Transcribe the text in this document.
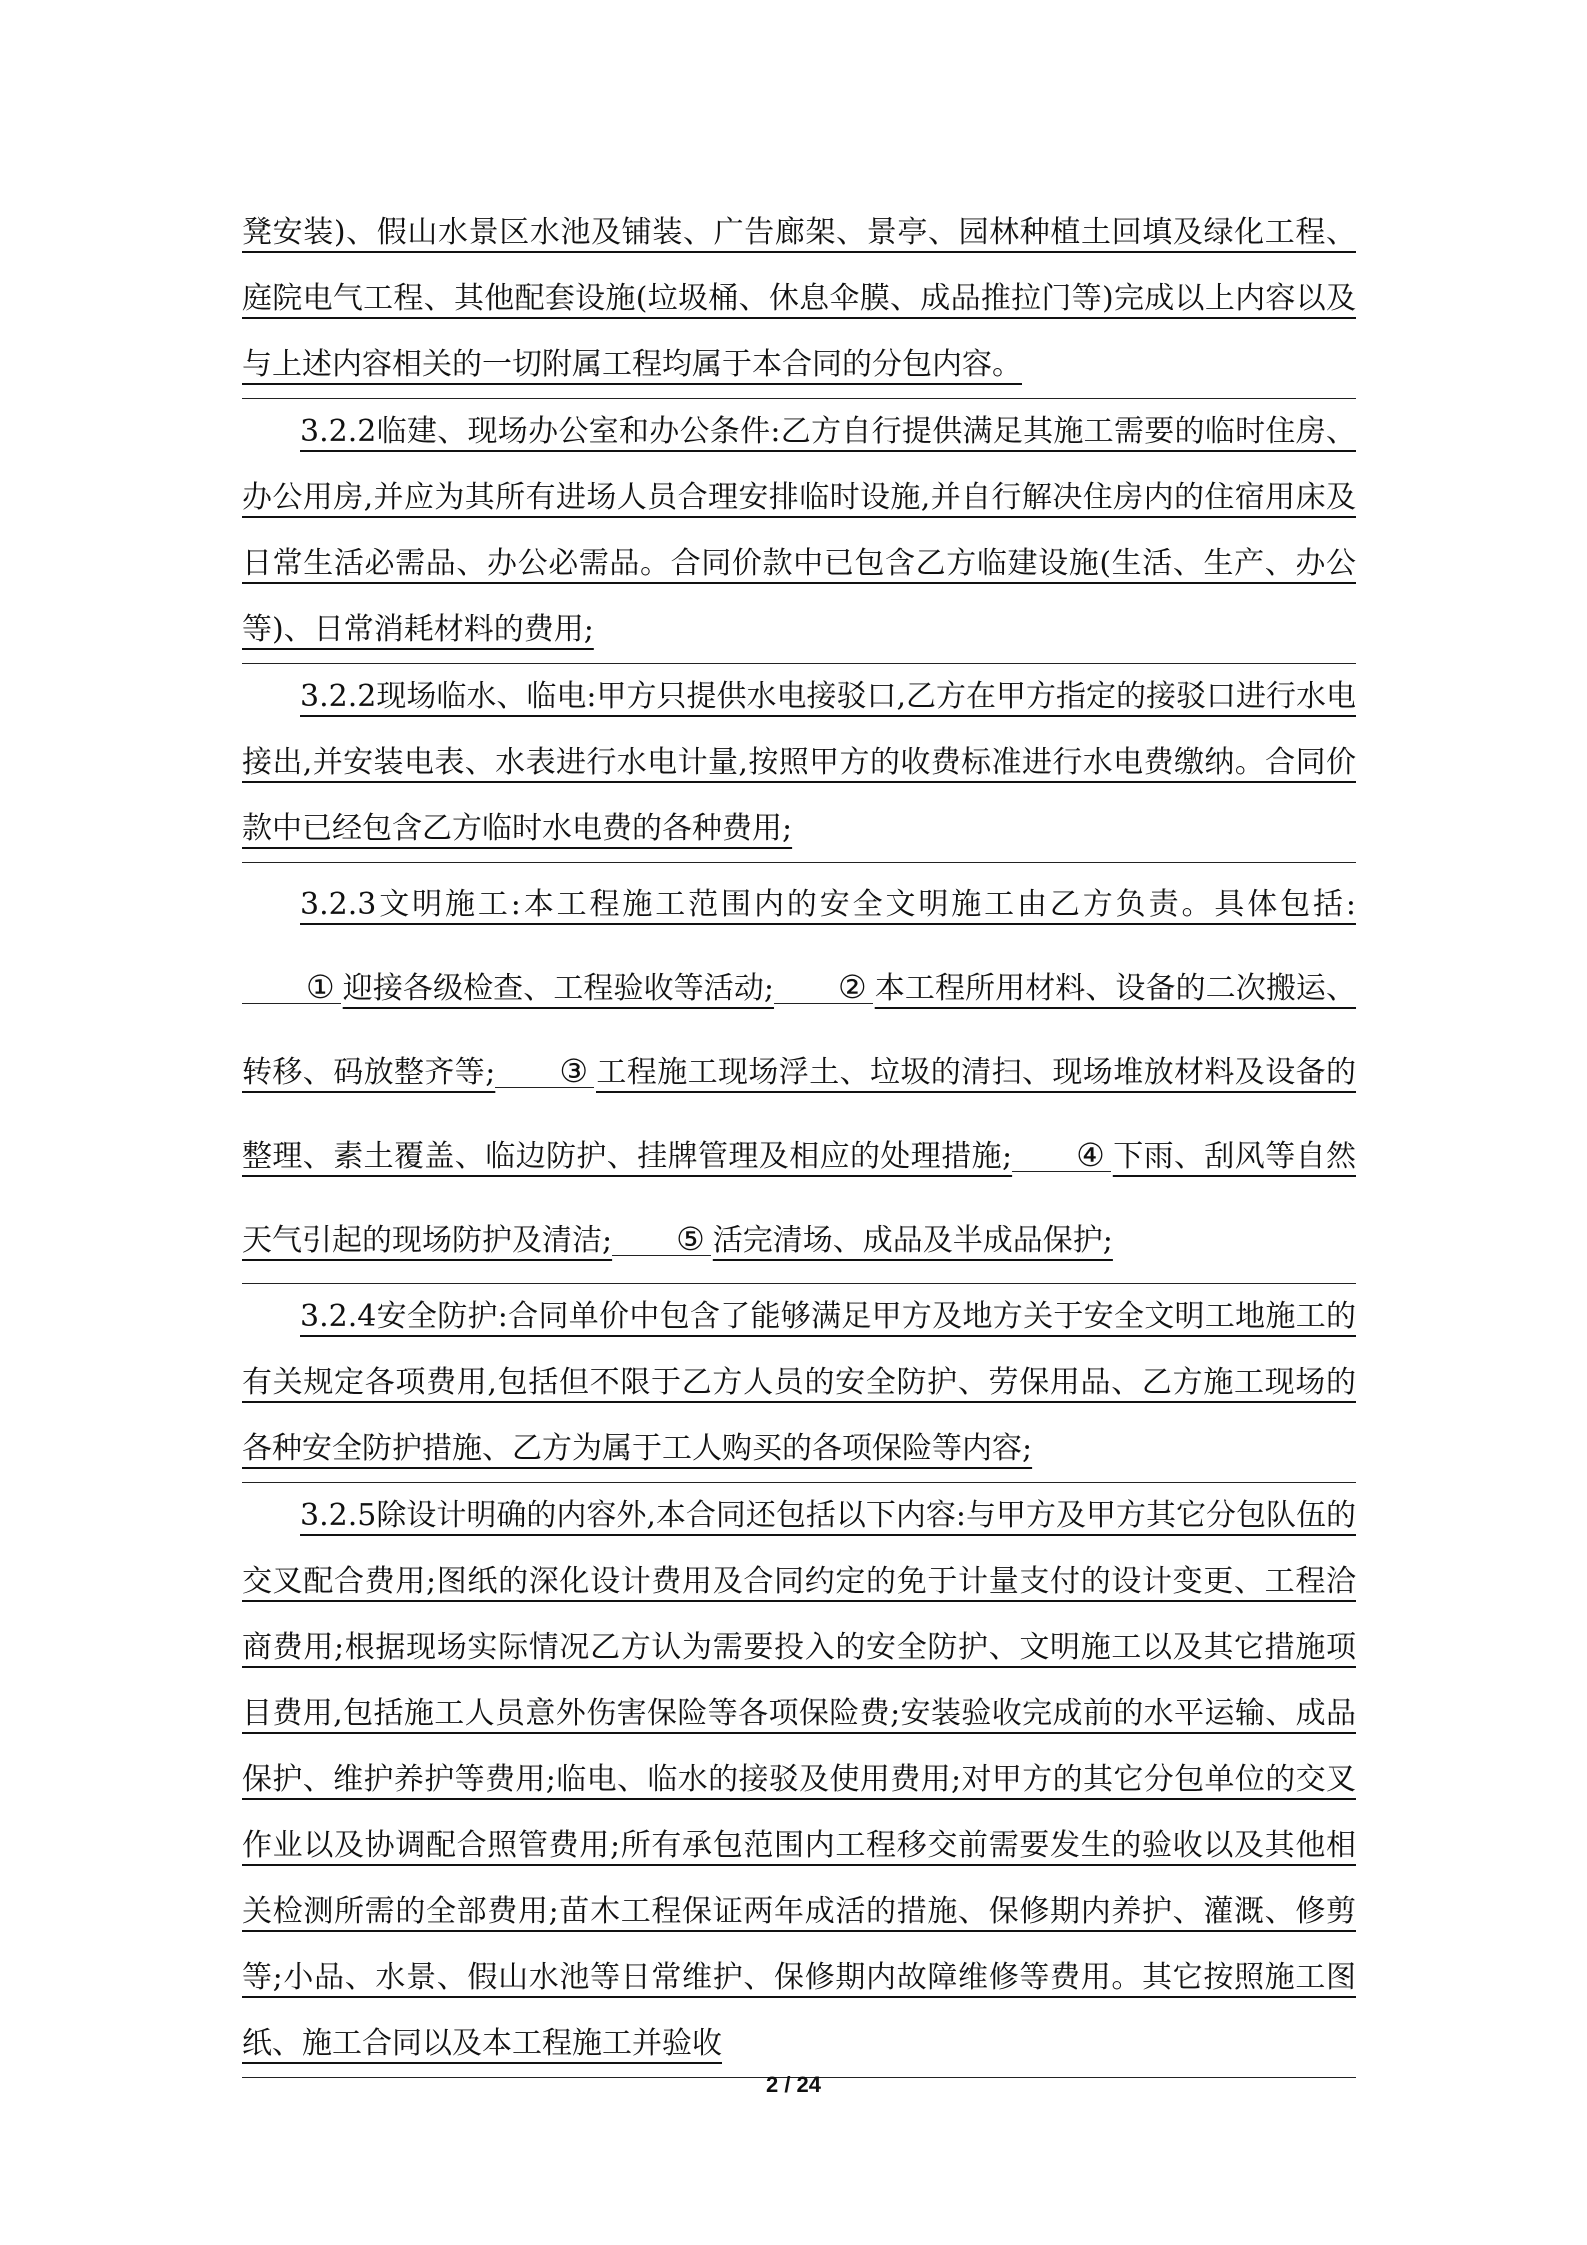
凳安装)、假山水景区水池及铺装、广告廊架、景亭、园林种植土回填及绿化工程、庭院电气工程、其他配套设施(垃圾桶、休息伞膜、成品推拉门等)完成以上内容以及与上述内容相关的一切附属工程均属于本合同的分包内容。

3.2.2临建、现场办公室和办公条件:乙方自行提供满足其施工需要的临时住房、办公用房,并应为其所有进场人员合理安排临时设施,并自行解决住房内的住宿用床及日常生活必需品、办公必需品。合同价款中已包含乙方临建设施(生活、生产、办公等)、日常消耗材料的费用;

3.2.2现场临水、临电:甲方只提供水电接驳口,乙方在甲方指定的接驳口进行水电接出,并安装电表、水表进行水电计量,按照甲方的收费标准进行水电费缴纳。合同价款中已经包含乙方临时水电费的各种费用;

3.2.3文明施工:本工程施工范围内的安全文明施工由乙方负责。具体包括:① 迎接各级检查、工程验收等活动; ② 本工程所用材料、设备的二次搬运、转移、码放整齐等; ③ 工程施工现场浮土、垃圾的清扫、现场堆放材料及设备的整理、素土覆盖、临边防护、挂牌管理及相应的处理措施; ④ 下雨、刮风等自然天气引起的现场防护及清洁; ⑤ 活完清场、成品及半成品保护;

3.2.4安全防护:合同单价中包含了能够满足甲方及地方关于安全文明工地施工的有关规定各项费用,包括但不限于乙方人员的安全防护、劳保用品、乙方施工现场的各种安全防护措施、乙方为属于工人购买的各项保险等内容;

3.2.5除设计明确的内容外,本合同还包括以下内容:与甲方及甲方其它分包队伍的交叉配合费用;图纸的深化设计费用及合同约定的免于计量支付的设计变更、工程洽商费用;根据现场实际情况乙方认为需要投入的安全防护、文明施工以及其它措施项目费用,包括施工人员意外伤害保险等各项保险费;安装验收完成前的水平运输、成品保护、维护养护等费用;临电、临水的接驳及使用费用;对甲方的其它分包单位的交叉作业以及协调配合照管费用;所有承包范围内工程移交前需要发生的验收以及其他相关检测所需的全部费用;苗木工程保证两年成活的措施、保修期内养护、灌溉、修剪等;小品、水景、假山水池等日常维护、保修期内故障维修等费用。其它按照施工图纸、施工合同以及本工程施工并验收

2 / 24
